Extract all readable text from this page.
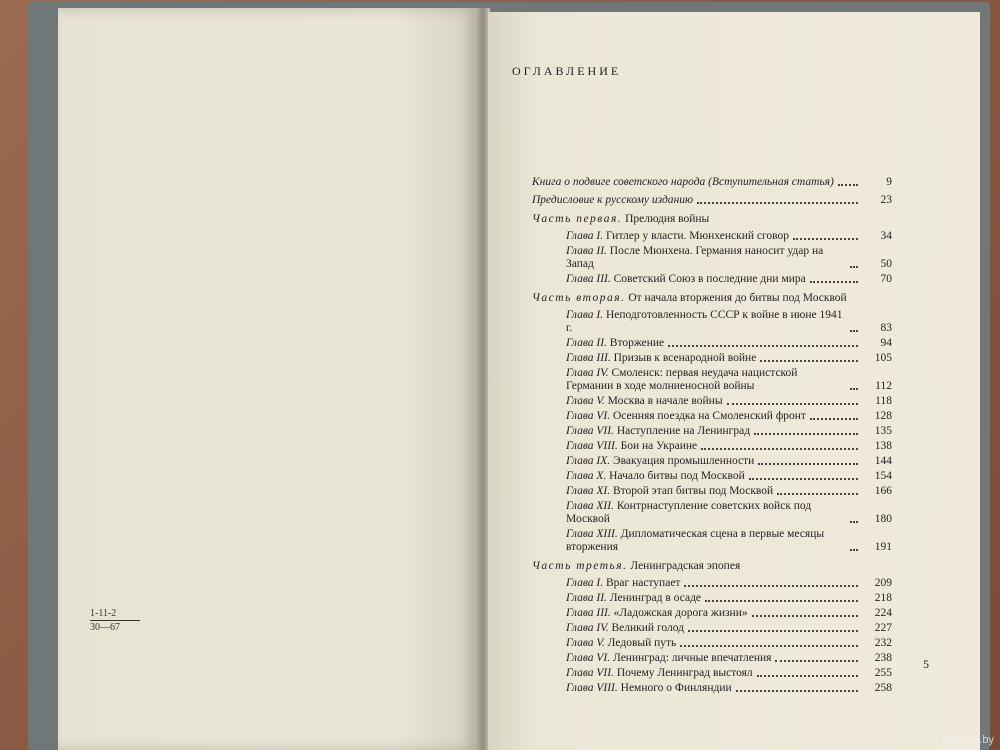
1-11-2
30—67
ОГЛАВЛЕНИЕ
Книга о подвиге советского народа (Вступительная статья)	9
Предисловие к русскому изданию	23
Часть первая. Прелюдия войны
Глава I. Гитлер у власти. Мюнхенский сговор	34
Глава II. После Мюнхена. Германия наносит удар на Запад	50
Глава III. Советский Союз в последние дни мира	70
Часть вторая. От начала вторжения до битвы под Москвой
Глава I. Неподготовленность СССР к войне в июне 1941 г.	83
Глава II. Вторжение	94
Глава III. Призыв к всенародной войне	105
Глава IV. Смоленск: первая неудача нацистской Германии в ходе молниеносной войны	112
Глава V. Москва в начале войны	118
Глава VI. Осенняя поездка на Смоленский фронт	128
Глава VII. Наступление на Ленинград	135
Глава VIII. Бои на Украине	138
Глава IX. Эвакуация промышленности	144
Глава X. Начало битвы под Москвой	154
Глава XI. Второй этап битвы под Москвой	166
Глава XII. Контрнаступление советских войск под Москвой	180
Глава XIII. Дипломатическая сцена в первые месяцы вторжения	191
Часть третья. Ленинградская эпопея
Глава I. Враг наступает	209
Глава II. Ленинград в осаде	218
Глава III. «Ладожская дорога жизни»	224
Глава IV. Великий голод	227
Глава V. Ледовый путь	232
Глава VI. Ленинград: личные впечатления	238
Глава VII. Почему Ленинград выстоял	255
Глава VIII. Немного о Финляндии	258
5
www.ay.by
